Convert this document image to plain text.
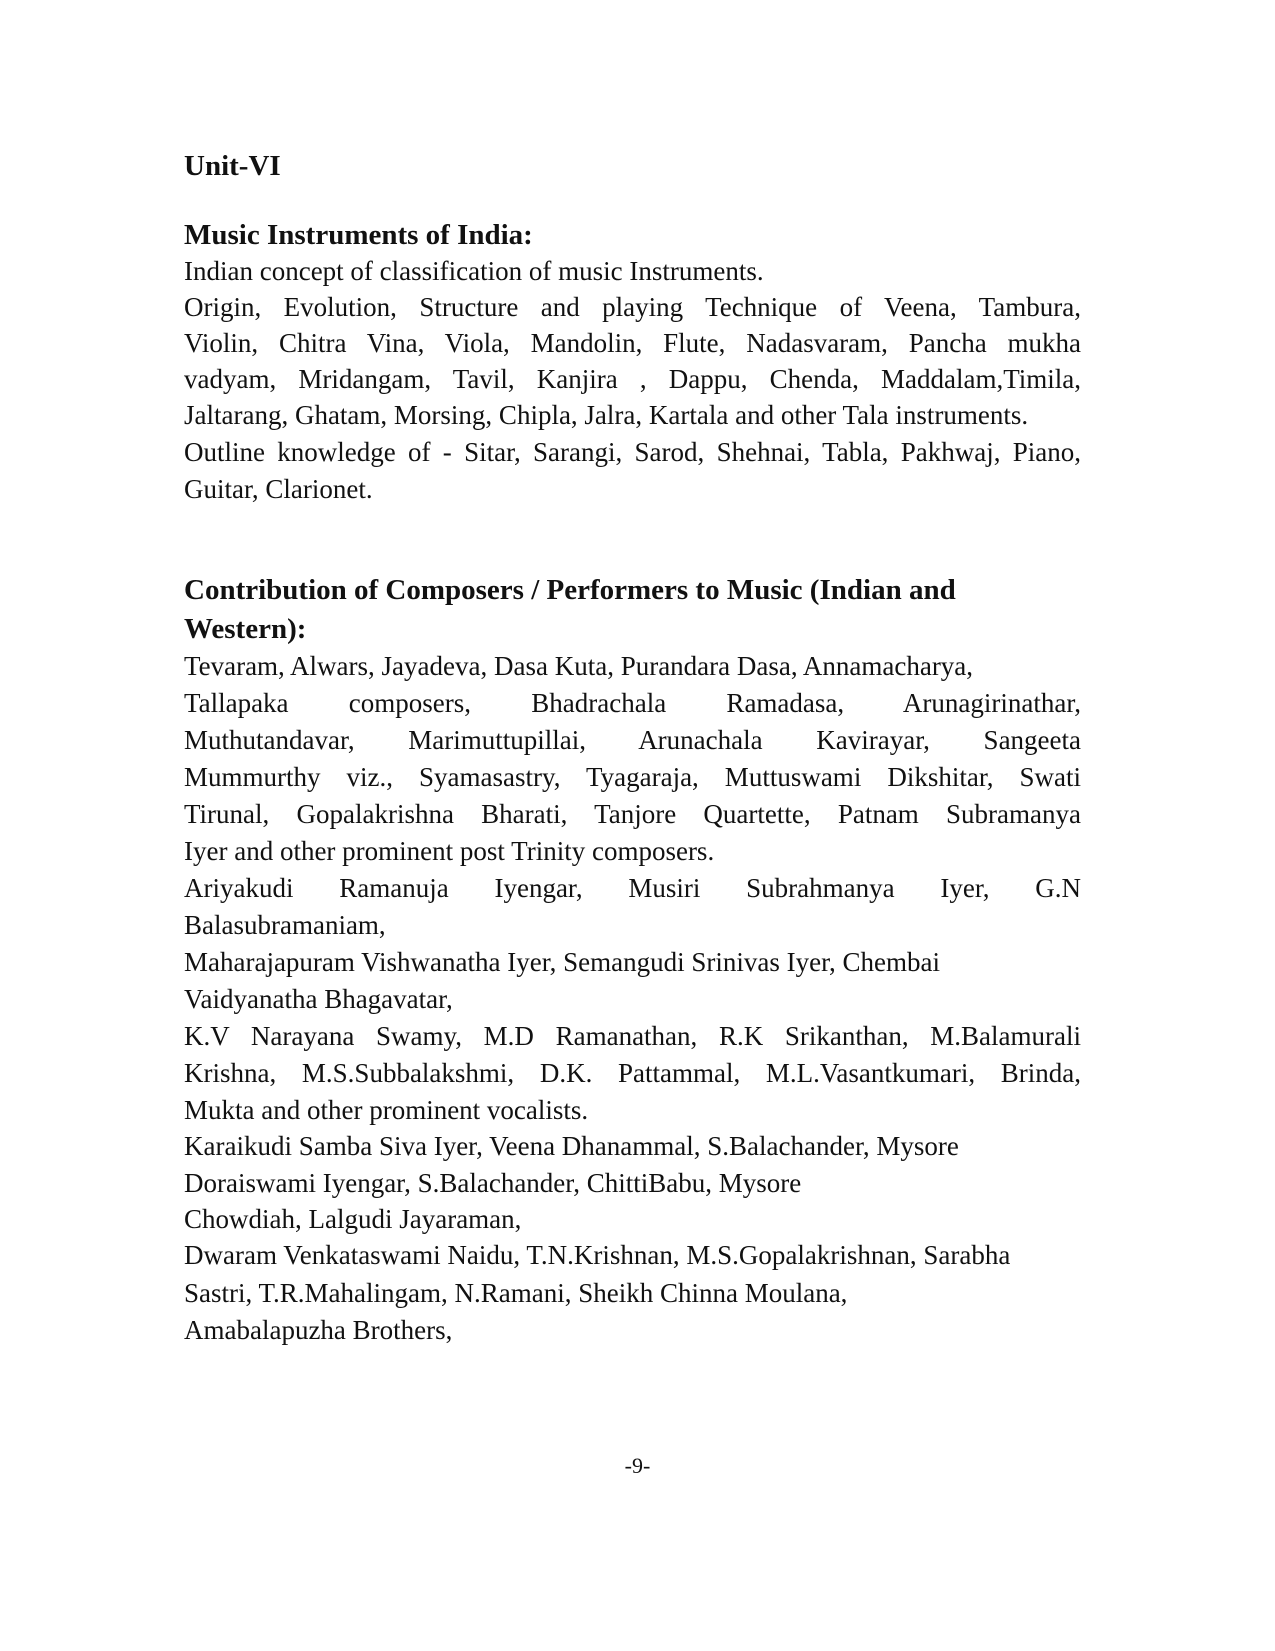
Unit-VI
Music Instruments of India:

Indian concept of classification of music Instruments.

Origin, Evolution, Structure and playing Technique of Veena, Tambura,

Violin, Chitra Vina, Viola, Mandolin, Flute, Nadasvaram, Pancha mukha

vadyam, Mridangam, Tavil, Kanjira , Dappu, Chenda, Maddalam,Timila,

Jaltarang, Ghatam, Morsing, Chipla, Jalra, Kartala and other Tala instruments.

Outline knowledge of - Sitar, Sarangi, Sarod, Shehnai, Tabla, Pakhwaj, Piano,

Guitar, Clarionet.

Contribution of Composers / Performers to Music (Indian and
Western):

Tevaram, Alwars, Jayadeva, Dasa Kuta, Purandara Dasa, Annamacharya,

Tallapaka composers, Bhadrachala Ramadasa, Arunagirinathar,

Muthutandavar, Marimuttupillai, Arunachala Kavirayar, Sangeeta

Mummurthy viz., Syamasastry, Tyagaraja, Muttuswami Dikshitar, Swati

Tirunal, Gopalakrishna Bharati, Tanjore Quartette, Patnam Subramanya

Iyer and other prominent post Trinity composers.

Ariyakudi Ramanuja Iyengar, Musiri Subrahmanya Iyer, G.N

Balasubramaniam,

Maharajapuram Vishwanatha Iyer, Semangudi Srinivas Iyer, Chembai

Vaidyanatha Bhagavatar,

K.V Narayana Swamy, M.D Ramanathan, R.K Srikanthan, M.Balamurali

Krishna, M.S.Subbalakshmi, D.K. Pattammal, M.L.Vasantkumari, Brinda,

Mukta and other prominent vocalists.

Karaikudi Samba Siva Iyer, Veena Dhanammal, S.Balachander, Mysore

Doraiswami Iyengar, S.Balachander, ChittiBabu, Mysore

Chowdiah, Lalgudi Jayaraman,

Dwaram Venkataswami Naidu, T.N.Krishnan, M.S.Gopalakrishnan, Sarabha

Sastri, T.R.Mahalingam, N.Ramani, Sheikh Chinna Moulana,

Amabalapuzha Brothers,

-9-
